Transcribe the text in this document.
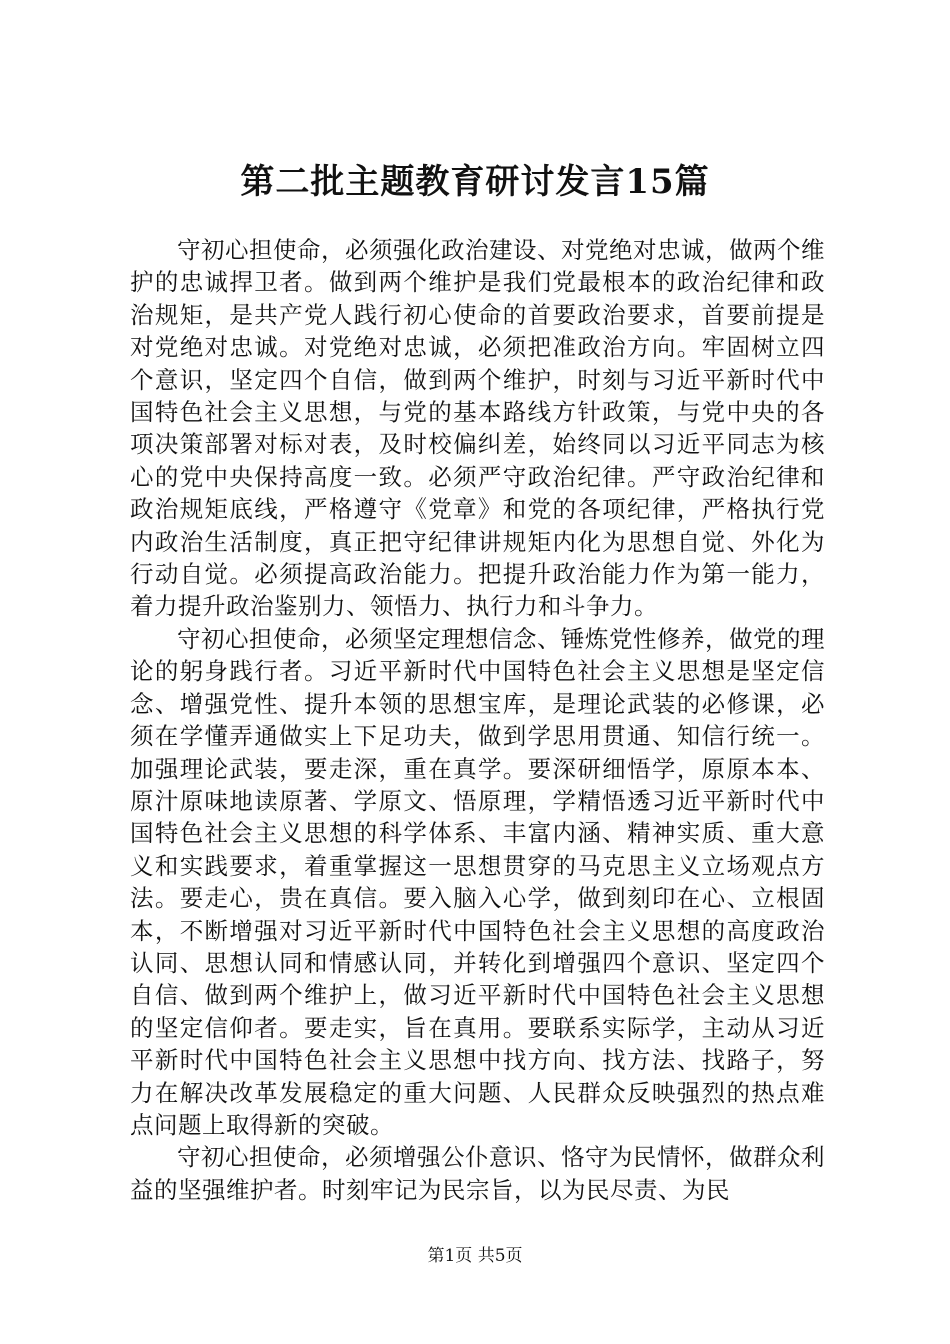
第二批主题教育研讨发言15篇

守初心担使命，必须强化政治建设、对党绝对忠诚，做两个维护的忠诚捍卫者。做到两个维护是我们党最根本的政治纪律和政治规矩，是共产党人践行初心使命的首要政治要求，首要前提是对党绝对忠诚。对党绝对忠诚，必须把准政治方向。牢固树立四个意识，坚定四个自信，做到两个维护，时刻与习近平新时代中国特色社会主义思想，与党的基本路线方针政策，与党中央的各项决策部署对标对表，及时校偏纠差，始终同以习近平同志为核心的党中央保持高度一致。必须严守政治纪律。严守政治纪律和政治规矩底线，严格遵守《党章》和党的各项纪律，严格执行党内政治生活制度，真正把守纪律讲规矩内化为思想自觉、外化为行动自觉。必须提高政治能力。把提升政治能力作为第一能力，着力提升政治鉴别力、领悟力、执行力和斗争力。

守初心担使命，必须坚定理想信念、锤炼党性修养，做党的理论的躬身践行者。习近平新时代中国特色社会主义思想是坚定信念、增强党性、提升本领的思想宝库，是理论武装的必修课，必须在学懂弄通做实上下足功夫，做到学思用贯通、知信行统一。加强理论武装，要走深，重在真学。要深研细悟学，原原本本、原汁原味地读原著、学原文、悟原理，学精悟透习近平新时代中国特色社会主义思想的科学体系、丰富内涵、精神实质、重大意义和实践要求，着重掌握这一思想贯穿的马克思主义立场观点方法。要走心，贵在真信。要入脑入心学，做到刻印在心、立根固本，不断增强对习近平新时代中国特色社会主义思想的高度政治认同、思想认同和情感认同，并转化到增强四个意识、坚定四个自信、做到两个维护上，做习近平新时代中国特色社会主义思想的坚定信仰者。要走实，旨在真用。要联系实际学，主动从习近平新时代中国特色社会主义思想中找方向、找方法、找路子，努力在解决改革发展稳定的重大问题、人民群众反映强烈的热点难点问题上取得新的突破。

守初心担使命，必须增强公仆意识、恪守为民情怀，做群众利益的坚强维护者。时刻牢记为民宗旨，以为民尽责、为民

第1页 共5页
